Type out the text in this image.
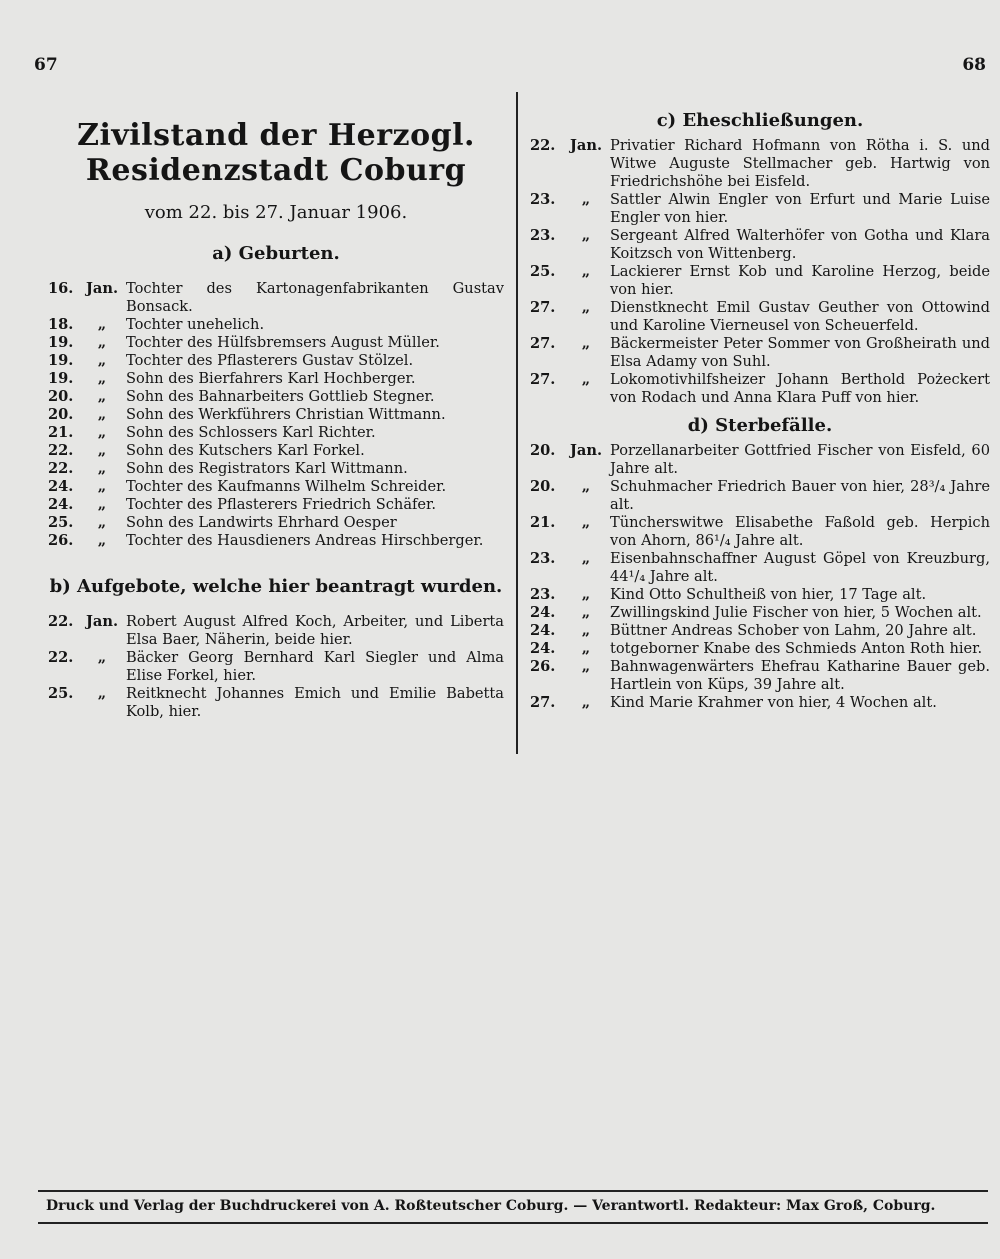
67	68
Zivilstand der Herzogl. Residenzstadt Coburg
vom 22. bis 27. Januar 1906.
a) Geburten.
16. Jan. Tochter des Kartonagenfabrikanten Gustav Bonsack.
18.	„	Tochter unehelich.
19.	„	Tochter des Hülfsbremsers August Müller.
19.	„	Tochter des Pflasterers Gustav Stölzel.
19.	„	Sohn des Bierfahrers Karl Hochberger.
20.	„	Sohn des Bahnarbeiters Gottlieb Stegner.
20.	„	Sohn des Werkführers Christian Wittmann.
21.	„	Sohn des Schlossers Karl Richter.
22.	„	Sohn des Kutschers Karl Forkel.
22.	„	Sohn des Registrators Karl Wittmann.
24.	„	Tochter des Kaufmanns Wilhelm Schreider.
24.	„	Tochter des Pflasterers Friedrich Schäfer.
25.	„	Sohn des Landwirts Ehrhard Oesper
26.	„	Tochter des Hausdieners Andreas Hirschberger.
b) Aufgebote, welche hier beantragt wurden.
22. Jan. Robert August Alfred Koch, Arbeiter, und Liberta Elsa Baer, Näherin, beide hier.
22.	„	Bäcker Georg Bernhard Karl Siegler und Alma Elise Forkel, hier.
25.	„	Reitknecht Johannes Emich und Emilie Babetta Kolb, hier.
c) Eheschließungen.
22. Jan. Privatier Richard Hofmann von Rötha i. S. und Witwe Auguste Stellmacher geb. Hartwig von Friedrichshöhe bei Eisfeld.
23.	„	Sattler Alwin Engler von Erfurt und Marie Luise Engler von hier.
23.	„	Sergeant Alfred Walterhöfer von Gotha und Klara Koitzsch von Wittenberg.
25.	„	Lackierer Ernst Kob und Karoline Herzog, beide von hier.
27.	„	Dienstknecht Emil Gustav Geuther von Ottowind und Karoline Vierneusel von Scheuerfeld.
27.	„	Bäckermeister Peter Sommer von Großheirath und Elsa Adamy von Suhl.
27.	„	Lokomotivhilfsheizer Johann Berthold Pożeckert von Rodach und Anna Klara Puff von hier.
d) Sterbefälle.
20. Jan. Porzellanarbeiter Gottfried Fischer von Eisfeld, 60 Jahre alt.
20.	„	Schuhmacher Friedrich Bauer von hier, 28³/₄ Jahre alt.
21.	„	Tüncherswitwe Elisabethe Faßold geb. Herpich von Ahorn, 86¹/₄ Jahre alt.
23.	„	Eisenbahnschaffner August Göpel von Kreuzburg, 44¹/₄ Jahre alt.
23.	„	Kind Otto Schultheiß von hier, 17 Tage alt.
24.	„	Zwillingskind Julie Fischer von hier, 5 Wochen alt.
24.	„	Büttner Andreas Schober von Lahm, 20 Jahre alt.
24.	„	totgeborner Knabe des Schmieds Anton Roth hier.
26.	„	Bahnwagenwärters Ehefrau Katharine Bauer geb. Hartlein von Küps, 39 Jahre alt.
27.	„	Kind Marie Krahmer von hier, 4 Wochen alt.
Druck und Verlag der Buchdruckerei von A. Roßteutscher Coburg. — Verantwortl. Redakteur: Max Groß, Coburg.
